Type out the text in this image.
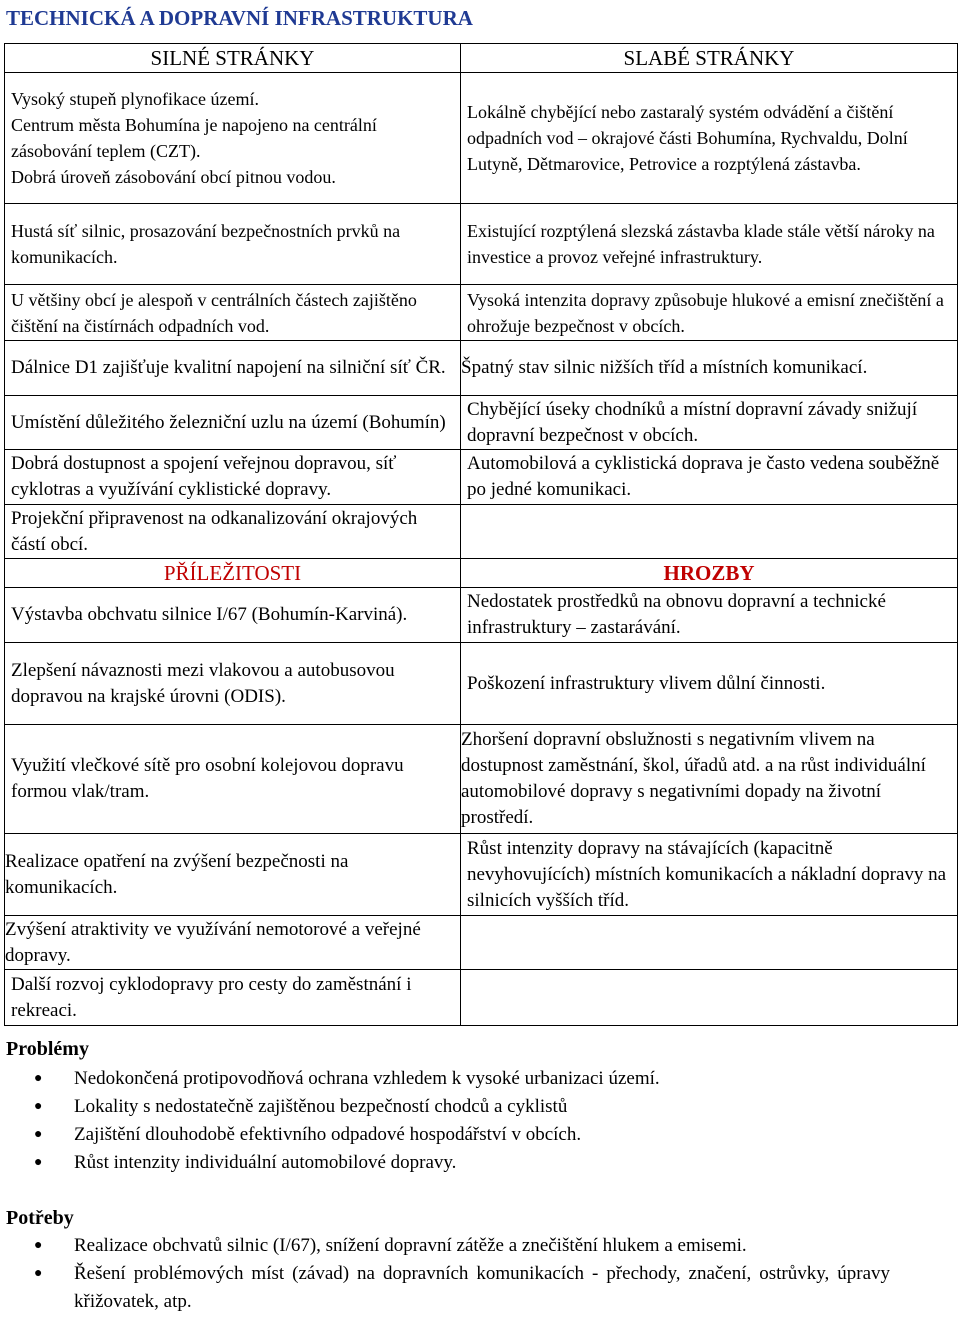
TECHNICKÁ A DOPRAVNÍ INFRASTRUKTURA
SILNÉ STRÁNKY	SLABÉ STRÁNKY

Vysoký stupeň plynofikace území.
Centrum města Bohumína je napojeno na centrální zásobování teplem (CZT).
Dobrá úroveň zásobování obcí pitnou vodou.	Lokálně chybějící nebo zastaralý systém odvádění a čištění odpadních vod – okrajové části Bohumína, Rychvaldu, Dolní Lutyně, Dětmarovice, Petrovice a rozptýlená zástavba.
Hustá síť silnic, prosazování bezpečnostních prvků na komunikacích.	Existující rozptýlená slezská zástavba klade stále větší nároky na investice a provoz veřejné infrastruktury.
U většiny obcí je alespoň v centrálních částech zajištěno čištění na čistírnách odpadních vod.	Vysoká intenzita dopravy způsobuje hlukové a emisní znečištění a ohrožuje bezpečnost v obcích.
Dálnice D1 zajišťuje kvalitní napojení na silniční síť ČR.	Špatný stav silnic nižších tříd a místních komunikací.
Umístění důležitého železniční uzlu na území (Bohumín)	Chybějící úseky chodníků a místní dopravní závady snižují dopravní bezpečnost v obcích.
Dobrá dostupnost a spojení veřejnou dopravou, síť cyklotras a využívání cyklistické dopravy.	Automobilová a cyklistická doprava je často vedena souběžně po jedné komunikaci.
Projekční připravenost na odkanalizování okrajových částí obcí.	
PŘÍLEŽITOSTI	HROZBY
Výstavba obchvatu silnice I/67 (Bohumín-Karviná).	Nedostatek prostředků na obnovu dopravní a technické infrastruktury – zastarávání.
Zlepšení návaznosti mezi vlakovou a autobusovou dopravou na krajské úrovni (ODIS).	Poškození infrastruktury vlivem důlní činnosti.
Využití vlečkové sítě pro osobní kolejovou dopravu formou vlak/tram.	Zhoršení dopravní obslužnosti s negativním vlivem na dostupnost zaměstnání, škol, úřadů atd. a na růst individuální automobilové dopravy s negativními dopady na životní prostředí.
Realizace opatření na zvýšení bezpečnosti na komunikacích.	Růst intenzity dopravy na stávajících (kapacitně nevyhovujících) místních komunikacích a nákladní dopravy na silnicích vyšších tříd.
Zvýšení atraktivity ve využívání nemotorové a veřejné dopravy.	
Další rozvoj cyklodopravy pro cesty do zaměstnání i rekreaci.	
Problémy
● Nedokončená protipovodňová ochrana vzhledem k vysoké urbanizaci území.
● Lokality s nedostatečně zajištěnou bezpečností chodců a cyklistů
● Zajištění dlouhodobě efektivního odpadové hospodářství v obcích.
● Růst intenzity individuální automobilové dopravy.
Potřeby
● Realizace obchvatů silnic (I/67), snížení dopravní zátěže a znečištění hlukem a emisemi.
● Řešení problémových míst (závad) na dopravních komunikacích - přechody, značení, ostrůvky, úpravy křižovatek, atp.
